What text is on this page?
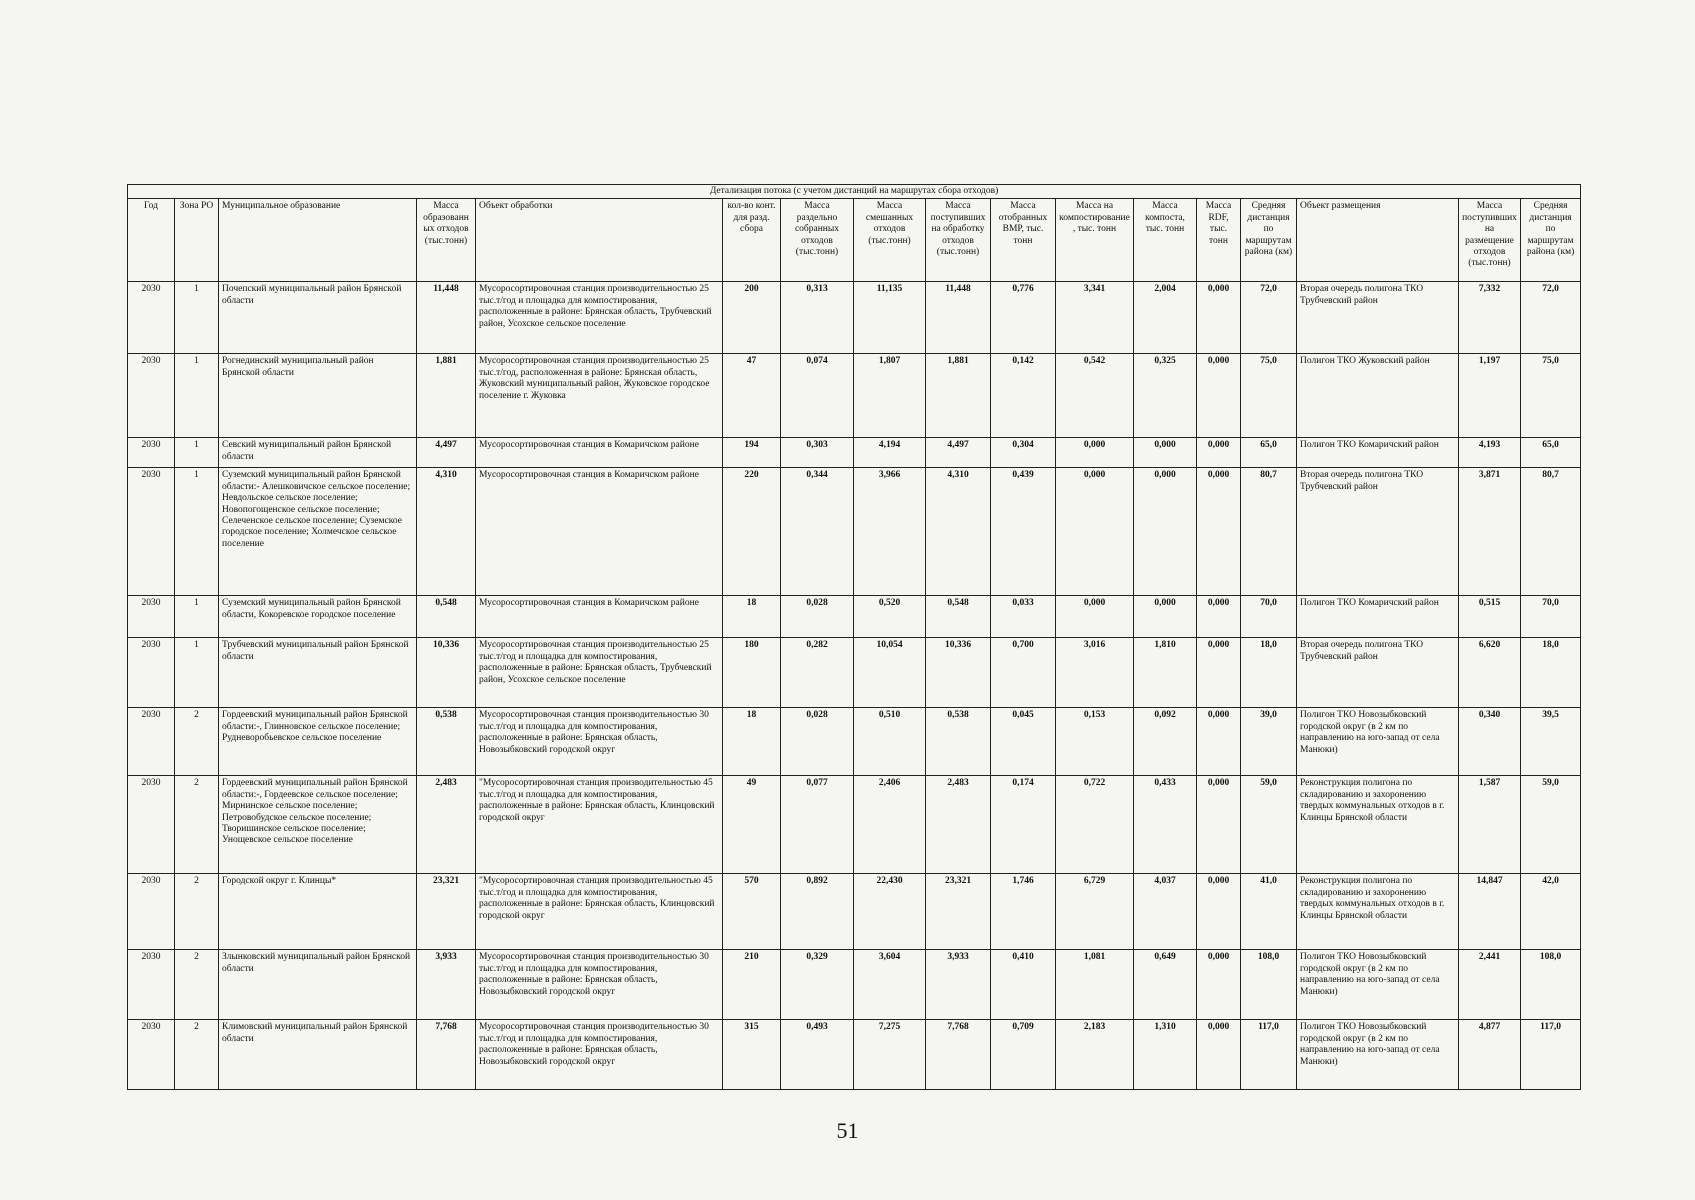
Детализация потока (с учетом дистанций на маршрутах сбора отходов)																
Год	Зона РО	Муниципальное образование	Масса образованных отходов (тыс.тонн)	Объект обработки	кол-во конт. для разд. сбора	Масса раздельно собранных отходов (тыс.тонн)	Масса смешанных отходов (тыс.тонн)	Масса поступивших на обработку отходов (тыс.тонн)	Масса отобранных ВМР, тыс. тонн	Масса на компостирование, тыс. тонн	Масса компоста, тыс. тонн	Масса RDF, тыс. тонн	Средняя дистанция по маршрутам района (км)	Объект размещения	Масса поступивших на размещение отходов (тыс.тонн)	Средняя дистанция по маршрутам района (км)
2030	1	Почепский муниципальный район Брянской области	11,448	Мусоросортировочная станция производительностью 25 тыс.т/год и площадка для компостирования, расположенные в районе: Брянская область, Трубчевский район, Усохское сельское поселение	200	0,313	11,135	11,448	0,776	3,341	2,004	0,000	72,0	Вторая очередь полигона ТКО Трубчевский район	7,332	72,0
2030	1	Рогнединский муниципальный район Брянской области	1,881	Мусоросортировочная станция производительностью 25 тыс.т/год, расположенная в районе: Брянская область, Жуковский муниципальный район, Жуковское городское поселение г. Жуковка	47	0,074	1,807	1,881	0,142	0,542	0,325	0,000	75,0	Полигон ТКО Жуковский район	1,197	75,0
2030	1	Севский муниципальный район Брянской области	4,497	Мусоросортировочная станция в Комаричском районе	194	0,303	4,194	4,497	0,304	0,000	0,000	0,000	65,0	Полигон ТКО Комаричский район	4,193	65,0
2030	1	Суземский муниципальный район Брянской области:- Алешковичское сельское поселение; Невдольское сельское поселение; Новопогощенское сельское поселение; Селеченское сельское поселение; Суземское городское поселение; Холмечское сельское поселение	4,310	Мусоросортировочная станция в Комаричском районе	220	0,344	3,966	4,310	0,439	0,000	0,000	0,000	80,7	Вторая очередь полигона ТКО Трубчевский район	3,871	80,7
2030	1	Суземский муниципальный район Брянской области, Кокоревское городское поселение	0,548	Мусоросортировочная станция в Комаричском районе	18	0,028	0,520	0,548	0,033	0,000	0,000	0,000	70,0	Полигон ТКО Комаричский район	0,515	70,0
2030	1	Трубчевский муниципальный район Брянской области	10,336	Мусоросортировочная станция производительностью 25 тыс.т/год и площадка для компостирования, расположенные в районе: Брянская область, Трубчевский район, Усохское сельское поселение	180	0,282	10,054	10,336	0,700	3,016	1,810	0,000	18,0	Вторая очередь полигона ТКО Трубчевский район	6,620	18,0
2030	2	Гордеевский муниципальный район Брянской области:-, Глинновское сельское поселение; Рудневоробьевское сельское поселение	0,538	Мусоросортировочная станция производительностью 30 тыс.т/год и площадка для компостирования, расположенные в районе: Брянская область, Новозыбковский городской округ	18	0,028	0,510	0,538	0,045	0,153	0,092	0,000	39,0	Полигон ТКО Новозыбковский городской округ (в 2 км по направлению на юго-запад от села Манюки)	0,340	39,5
2030	2	Гордеевский муниципальный район Брянской области:-, Гордеевское сельское поселение; Мирнинское сельское поселение; Петровобудское сельское поселение; Творишинское сельское поселение; Унощевское сельское поселение	2,483	"Мусоросортировочная станция производительностью 45 тыс.т/год и площадка для компостирования, расположенные в районе: Брянская область, Клинцовский городской округ	49	0,077	2,406	2,483	0,174	0,722	0,433	0,000	59,0	Реконструкция полигона по складированию и захоронению твердых коммунальных отходов в г. Клинцы Брянской области	1,587	59,0
2030	2	Городской округ г. Клинцы*	23,321	"Мусоросортировочная станция производительностью 45 тыс.т/год и площадка для компостирования, расположенные в районе: Брянская область, Клинцовский городской округ	570	0,892	22,430	23,321	1,746	6,729	4,037	0,000	41,0	Реконструкция полигона по складированию и захоронению твердых коммунальных отходов в г. Клинцы Брянской области	14,847	42,0
2030	2	Злынковский муниципальный район Брянской области	3,933	Мусоросортировочная станция производительностью 30 тыс.т/год и площадка для компостирования, расположенные в районе: Брянская область, Новозыбковский городской округ	210	0,329	3,604	3,933	0,410	1,081	0,649	0,000	108,0	Полигон ТКО Новозыбковский городской округ (в 2 км по направлению на юго-запад от села Манюки)	2,441	108,0
2030	2	Климовский муниципальный район Брянской области	7,768	Мусоросортировочная станция производительностью 30 тыс.т/год и площадка для компостирования, расположенные в районе: Брянская область, Новозыбковский городской округ	315	0,493	7,275	7,768	0,709	2,183	1,310	0,000	117,0	Полигон ТКО Новозыбковский городской округ (в 2 км по направлению на юго-запад от села Манюки)	4,877	117,0
51
